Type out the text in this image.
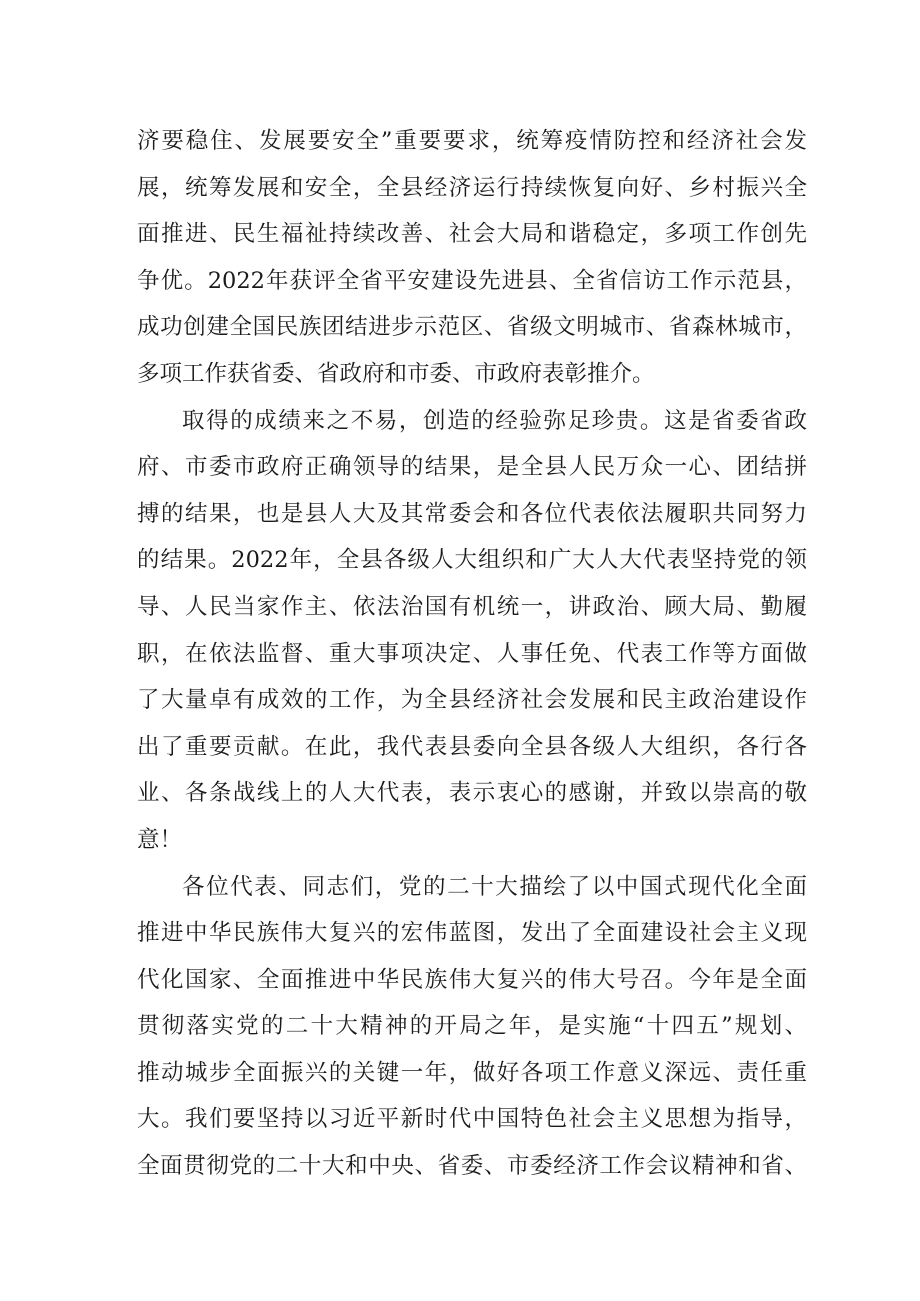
济要稳住、发展要安全”重要要求，统筹疫情防控和经济社会发
展，统筹发展和安全，全县经济运行持续恢复向好、乡村振兴全
面推进、民生福祉持续改善、社会大局和谐稳定，多项工作创先
争优。2022年获评全省平安建设先进县、全省信访工作示范县，
成功创建全国民族团结进步示范区、省级文明城市、省森林城市，
多项工作获省委、省政府和市委、市政府表彰推介。
取得的成绩来之不易，创造的经验弥足珍贵。这是省委省政
府、市委市政府正确领导的结果，是全县人民万众一心、团结拼
搏的结果，也是县人大及其常委会和各位代表依法履职共同努力
的结果。2022年，全县各级人大组织和广大人大代表坚持党的领
导、人民当家作主、依法治国有机统一，讲政治、顾大局、勤履
职，在依法监督、重大事项决定、人事任免、代表工作等方面做
了大量卓有成效的工作，为全县经济社会发展和民主政治建设作
出了重要贡献。在此，我代表县委向全县各级人大组织，各行各
业、各条战线上的人大代表，表示衷心的感谢，并致以崇高的敬
意！
各位代表、同志们，党的二十大描绘了以中国式现代化全面
推进中华民族伟大复兴的宏伟蓝图，发出了全面建设社会主义现
代化国家、全面推进中华民族伟大复兴的伟大号召。今年是全面
贯彻落实党的二十大精神的开局之年，是实施“十四五”规划、
推动城步全面振兴的关键一年，做好各项工作意义深远、责任重
大。我们要坚持以习近平新时代中国特色社会主义思想为指导，
全面贯彻党的二十大和中央、省委、市委经济工作会议精神和省、
